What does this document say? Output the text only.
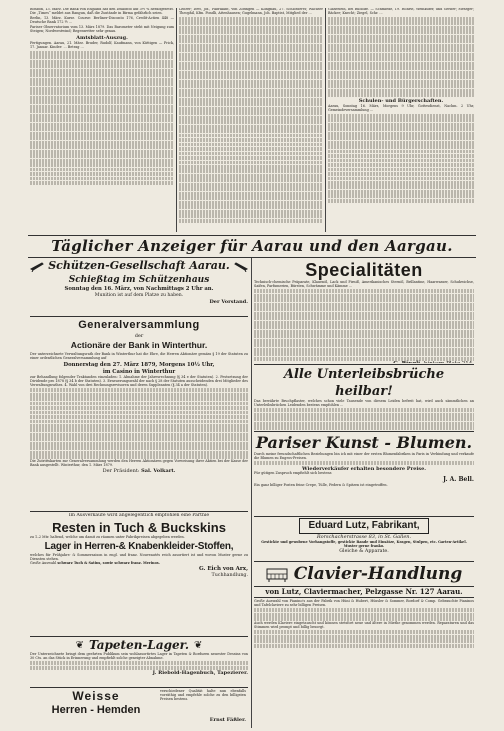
Bonbon, 13. März. Die Bank von England hat den Diskonto auf 3½ % herabgesetzt. Die „Times“ meldet aus Rangun, daß die Zustände in Birma gefährlich seien.

Berlin, 13. März. Kurse. Course: Berliner-Disconto 176, Credit-Actien 448 — Deutsche Bank 172 ½ ...

Pariser Observatorium vom 13. März 1879. Das Barometer steht mit Neigung zum Steigen; Nordwestwind; Regenwetter sehr genau.

Amtsblatt-Auszug.

Fertigungen. Aarau, 21. März. Bruder, Rudolf, Kaufmann, von Küttigen — Frick, 17. Januar. Kinder: ... Betrag ...

Lehrer; Dett, Jof., Fabrikant, von Zofingen — Klingnau, 27. Schlosserei; Wächter Theophil, Kfm. Fondli, Attenhausen; Gugelmann, Joh. Baptist, Mitglied der ...

Glaserlein, bei Rudolfe. — Schmiede, 19. Hohrst, Weinküfer, und Gerber; Metzger; Bäcker; Knecht; Ziegel, Schr. ...

Schulen- und Bürgerschaften.

Aarau, Sonntag 16. März, Morgens 9 Uhr, Gottesdienst, Nachm. 2 Uhr, Gemeindeversammlung ...

Täglicher Anzeiger für Aarau und den Aargau.
Schützen-Gesellschaft Aarau.
Schießtag im Schützenhaus
Sonntag den 16. März, von Nachmittags 2 Uhr an.
Munition ist auf dem Platze zu haben.
Der Vorstand.
Generalversammlung
der
Actionäre der Bank in Winterthur.
Der unterzeichnete Verwaltungsrath der Bank in Winterthur hat die Ehre, die Herren Aktionäre gemäss § 19 der Statuten zu einer ordentlichen Generalversammlung auf
Donnerstag den 27. März 1879, Morgens 10½ Uhr,
im Casino in Winterthur
zur Behandlung folgender Traktanden einzuladen: 1. Abnahme der Jahresrechnung (§ 34 e der Statuten). 2. Festsetzung der Dividende pro 1878 (§ 34 b der Statuten). 3. Erneuerungswahl der nach § 28 der Statuten ausscheidenden drei Mitglieder des Verwaltungsrathes. 4. Wahl von drei Rechnungsrevisoren und deren Suppleanten (§ 34 a der Statuten).
Die Zutrittskarten zur Generalversammlung werden den Herren Aktionären gegen Vorweisung ihrer Aktien bei der Kasse der Bank ausgestellt. Winterthur, den 1. März 1879.
Der Präsident: Sal. Volkart.
Im Ausverkaufe wird angelegentlich empfohlen eine Parthie
Resten in Tuch & Buckskins
zu 1–2 Mtr. haltend, welche um damit zu räumen unter Fabrikpreisen abgegeben werden.
Lager in Herren-& Knabenkleider-Stoffen,
welches für Frühjahrs- & Sommersaison in engl. und franz. Nouveautés reich assortiert ist und wovon Muster gerne zu Diensten stehen.
Große Auswahl schwarz Tuch & Satins, sowie schwarz franz. Merinos.
G. Eich von Arx,
Tuchhandlung.
❦ Tapeten-Lager. ❦
Der Unterzeichnete bringt dem geehrten Publikum sein wohlassortirtes Lager in Tapeten & Borduren neuester Dessins von 30 Cts. an das Stück in Erinnerung und empfiehlt solche geneigter Abnahme.
J. Riebold-Hagenbuch, Tapezierer.
Weisse
Herren - Hemden
verschiedener Qualität halte nun ebenfalls vorräthig und empfehle solche zu den billigsten Preisen bestens.
Ernst Fäßler.
Specialitäten
Technisch-chemische Präparate, Klauenöl, Lack und Firniß, Amerikanisches Sternöl, Brillantine, Haarwasser, Schuhwichse, Saifen, Parfumerien, Bürsten, Schwämme und Kämme ...
Alle Unterleibsbrüche heilbar!
Das bewährte Bruchpflaster, welches schon viele Tausende von diesem Leiden befreit hat, wird auch sämmtlichen an Unterleibsbrüchen Leidenden bestens empfohlen ...
Pariser Kunst - Blumen.
Durch meine freundschaftlichen Beziehungen bin ich mit einer der ersten Blumenfabriken in Paris in Verbindung und verkaufe die Blumen zu Engros-Preisen.
Wiederverkäufer erhalten besondere Preise.
Für gütigen Zuspruch empfiehlt sich bestens
J. A. Bell.
Ein ganz billiger Posten feine Crepe, Tülle, Federn & Spitzen ist eingetroffen.
Eduard Lutz, Fabrikant,
Rorschacherstrasse 83, in St. Gallen.
Gestickte und gewobene Vorhangstoffe, gestickte Bande und Einsätze, Kragen, Stulpen, etc. Garten-Artikel. Muster gerne franko.
Gleiche & Apparate.
Clavier-Handlung
von Lutz, Claviermacher, Pelzgasse Nr. 127 Aarau.
Große Auswahl von Pianino's aus der Fabrik von Hüni & Hubert, Hüssler & Sommer, Bordorf & Comp. Gebrauchte Pianinos und Tafelclaviere zu sehr billigen Preisen.
Auch werden Klaviere eingetauscht und können stetsfort neue und ältere in Miethe genommen werden. Reparaturen und das Stimmen wird prompt und billig besorgt.
